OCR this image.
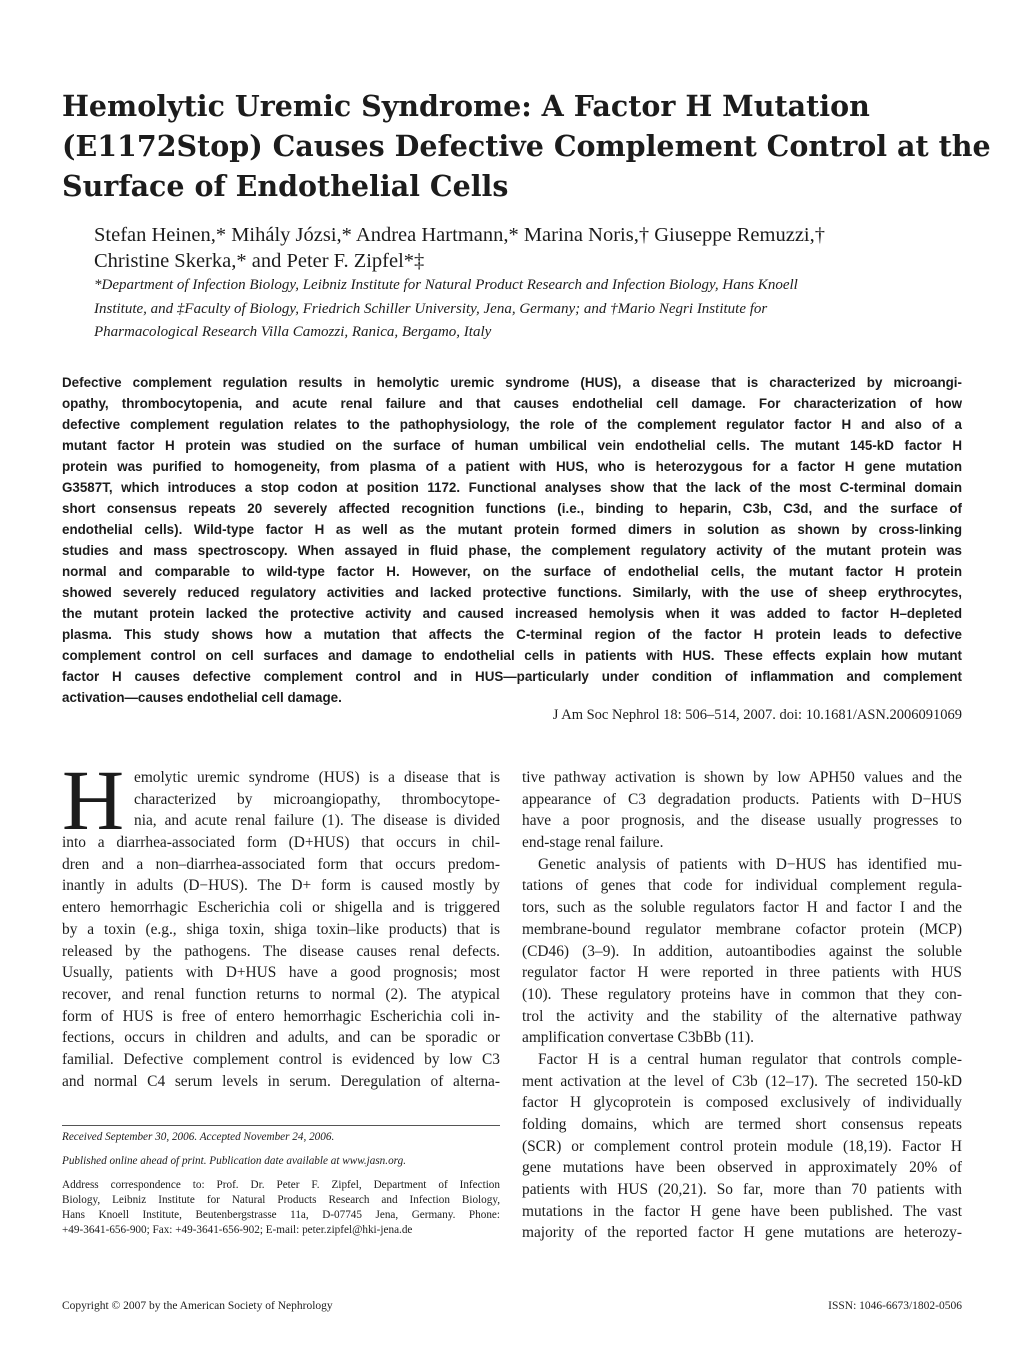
Hemolytic Uremic Syndrome: A Factor H Mutation
(E1172Stop) Causes Defective Complement Control at the
Surface of Endothelial Cells
Stefan Heinen,* Mihály Józsi,* Andrea Hartmann,* Marina Noris,† Giuseppe Remuzzi,†
Christine Skerka,* and Peter F. Zipfel*‡
*Department of Infection Biology, Leibniz Institute for Natural Product Research and Infection Biology, Hans Knoell
Institute, and ‡Faculty of Biology, Friedrich Schiller University, Jena, Germany; and †Mario Negri Institute for
Pharmacological Research Villa Camozzi, Ranica, Bergamo, Italy
Defective complement regulation results in hemolytic uremic syndrome (HUS), a disease that is characterized by microangi-
opathy, thrombocytopenia, and acute renal failure and that causes endothelial cell damage. For characterization of how
defective complement regulation relates to the pathophysiology, the role of the complement regulator factor H and also of a
mutant factor H protein was studied on the surface of human umbilical vein endothelial cells. The mutant 145-kD factor H
protein was purified to homogeneity, from plasma of a patient with HUS, who is heterozygous for a factor H gene mutation
G3587T, which introduces a stop codon at position 1172. Functional analyses show that the lack of the most C-terminal domain
short consensus repeats 20 severely affected recognition functions (i.e., binding to heparin, C3b, C3d, and the surface of
endothelial cells). Wild-type factor H as well as the mutant protein formed dimers in solution as shown by cross-linking
studies and mass spectroscopy. When assayed in fluid phase, the complement regulatory activity of the mutant protein was
normal and comparable to wild-type factor H. However, on the surface of endothelial cells, the mutant factor H protein
showed severely reduced regulatory activities and lacked protective functions. Similarly, with the use of sheep erythrocytes,
the mutant protein lacked the protective activity and caused increased hemolysis when it was added to factor H–depleted
plasma. This study shows how a mutation that affects the C-terminal region of the factor H protein leads to defective
complement control on cell surfaces and damage to endothelial cells in patients with HUS. These effects explain how mutant
factor H causes defective complement control and in HUS—particularly under condition of inflammation and complement
activation—causes endothelial cell damage.
J Am Soc Nephrol 18: 506–514, 2007. doi: 10.1681/ASN.2006091069
H emolytic uremic syndrome (HUS) is a disease that is
characterized by microangiopathy, thrombocytope-
nia, and acute renal failure (1). The disease is divided
into a diarrhea-associated form (D+HUS) that occurs in chil-
dren and a non–diarrhea-associated form that occurs predom-
inantly in adults (D−HUS). The D+ form is caused mostly by
entero hemorrhagic Escherichia coli or shigella and is triggered
by a toxin (e.g., shiga toxin, shiga toxin–like products) that is
released by the pathogens. The disease causes renal defects.
Usually, patients with D+HUS have a good prognosis; most
recover, and renal function returns to normal (2). The atypical
form of HUS is free of entero hemorrhagic Escherichia coli in-
fections, occurs in children and adults, and can be sporadic or
familial. Defective complement control is evidenced by low C3
and normal C4 serum levels in serum. Deregulation of alterna-
tive pathway activation is shown by low APH50 values and the
appearance of C3 degradation products. Patients with D−HUS
have a poor prognosis, and the disease usually progresses to
end-stage renal failure.
Genetic analysis of patients with D−HUS has identified mu-
tations of genes that code for individual complement regula-
tors, such as the soluble regulators factor H and factor I and the
membrane-bound regulator membrane cofactor protein (MCP)
(CD46) (3–9). In addition, autoantibodies against the soluble
regulator factor H were reported in three patients with HUS
(10). These regulatory proteins have in common that they con-
trol the activity and the stability of the alternative pathway
amplification convertase C3bBb (11).
Factor H is a central human regulator that controls comple-
ment activation at the level of C3b (12–17). The secreted 150-kD
factor H glycoprotein is composed exclusively of individually
folding domains, which are termed short consensus repeats
(SCR) or complement control protein module (18,19). Factor H
gene mutations have been observed in approximately 20% of
patients with HUS (20,21). So far, more than 70 patients with
mutations in the factor H gene have been published. The vast
majority of the reported factor H gene mutations are heterozy-
Received September 30, 2006. Accepted November 24, 2006.
Published online ahead of print. Publication date available at www.jasn.org.
Address correspondence to: Prof. Dr. Peter F. Zipfel, Department of Infection
Biology, Leibniz Institute for Natural Products Research and Infection Biology,
Hans Knoell Institute, Beutenbergstrasse 11a, D-07745 Jena, Germany. Phone:
+49-3641-656-900; Fax: +49-3641-656-902; E-mail: peter.zipfel@hki-jena.de
Copyright © 2007 by the American Society of Nephrology	ISSN: 1046-6673/1802-0506
